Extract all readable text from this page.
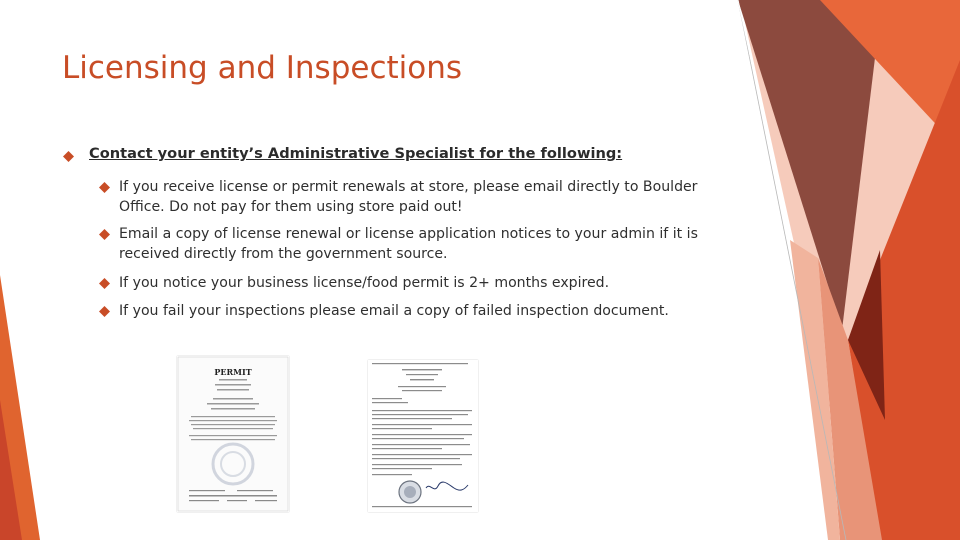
Licensing and Inspections
Contact your entity’s Administrative Specialist for the following:
If you receive license or permit renewals at store, please email directly to Boulder Office. Do not pay for them using store paid out!
Email a copy of license renewal or license application notices to your admin if it is received directly from the government source.
If you notice your business license/food permit is 2+ months expired.
If you fail your inspections please email a copy of failed inspection document.
PERMIT
